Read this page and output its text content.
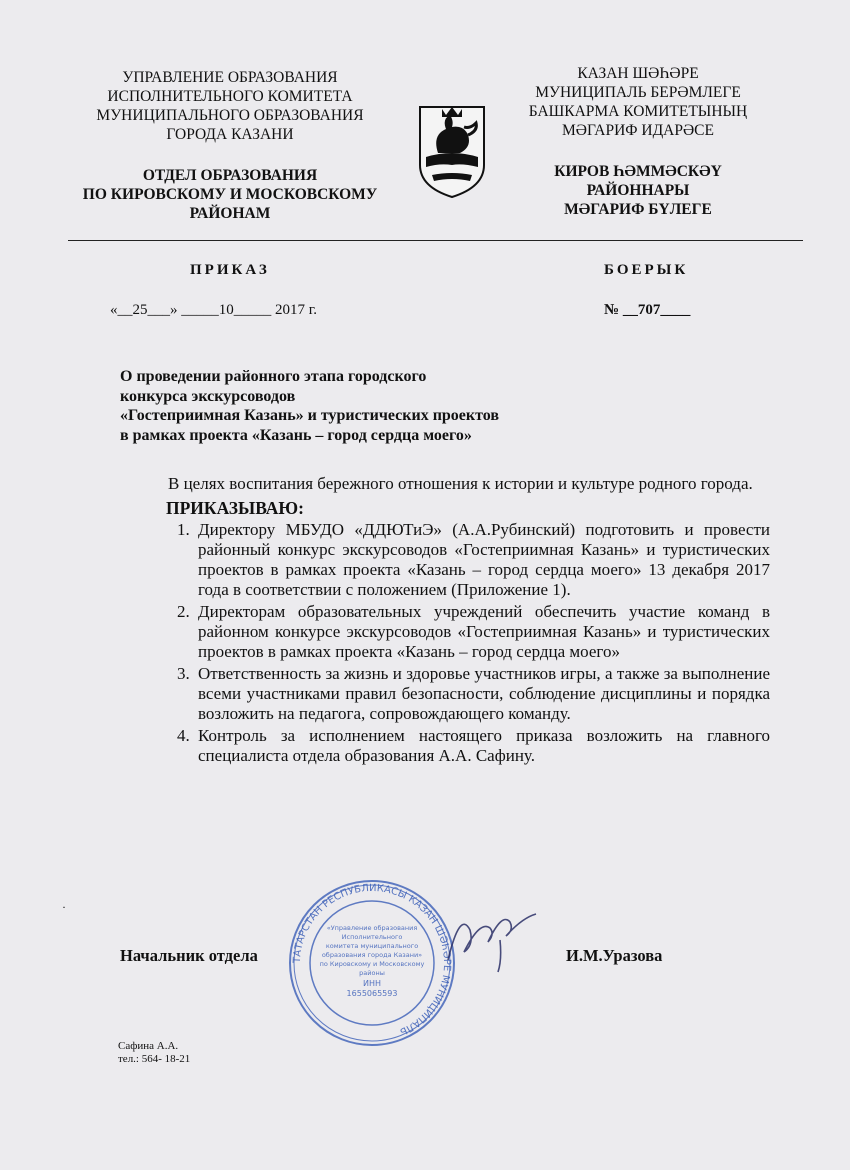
УПРАВЛЕНИЕ ОБРАЗОВАНИЯ
ИСПОЛНИТЕЛЬНОГО КОМИТЕТА
МУНИЦИПАЛЬНОГО ОБРАЗОВАНИЯ
ГОРОДА КАЗАНИ
ОТДЕЛ ОБРАЗОВАНИЯ
ПО КИРОВСКОМУ И МОСКОВСКОМУ
РАЙОНАМ
КАЗАН ШӘҺӘРЕ
МУНИЦИПАЛЬ БЕРӘМЛЕГЕ
БАШКАРМА КОМИТЕТЫНЫҢ
МӘГАРИФ ИДАРӘСЕ
КИРОВ ҺӘММӘСКӘҮ
РАЙОННАРЫ
МӘГАРИФ БҮЛЕГЕ
ПРИКАЗ	БОЕРЫК
«__25___» _____10_____ 2017 г.	№ __707____
О проведении районного этапа городского
конкурса экскурсоводов
«Гостеприимная Казань» и туристических проектов
в рамках проекта «Казань – город сердца моего»

В целях воспитания бережного отношения к истории и культуре родного города.

ПРИКАЗЫВАЮ:
1. Директору МБУДО «ДДЮТиЭ» (А.А.Рубинский) подготовить и провести районный конкурс экскурсоводов «Гостеприимная Казань» и туристических проектов в рамках проекта «Казань – город сердца моего» 13 декабря 2017 года в соответствии с положением (Приложение 1).
2. Директорам образовательных учреждений обеспечить участие команд в районном конкурсе экскурсоводов «Гостеприимная Казань» и туристических проектов в рамках проекта «Казань – город сердца моего»
3. Ответственность за жизнь и здоровье участников игры, а также за выполнение всеми участниками правил безопасности, соблюдение дисциплины и порядка возложить на педагога, сопровождающего команду.
4. Контроль за исполнением настоящего приказа возложить на главного специалиста отдела образования А.А. Сафину.
·
ТАТАРСТАН РЕСПУБЛИКАСЫ КАЗАН ШӘҺӘРЕ МУНИЦИПАЛЬ
«Управление образования
Исполнительного
комитета муниципального
образования города Казани»
по Кировскому и Московскому
районы
ИНН
1655065593
Начальник отдела	И.М.Уразова
Сафина А.А.
тел.: 564- 18-21
